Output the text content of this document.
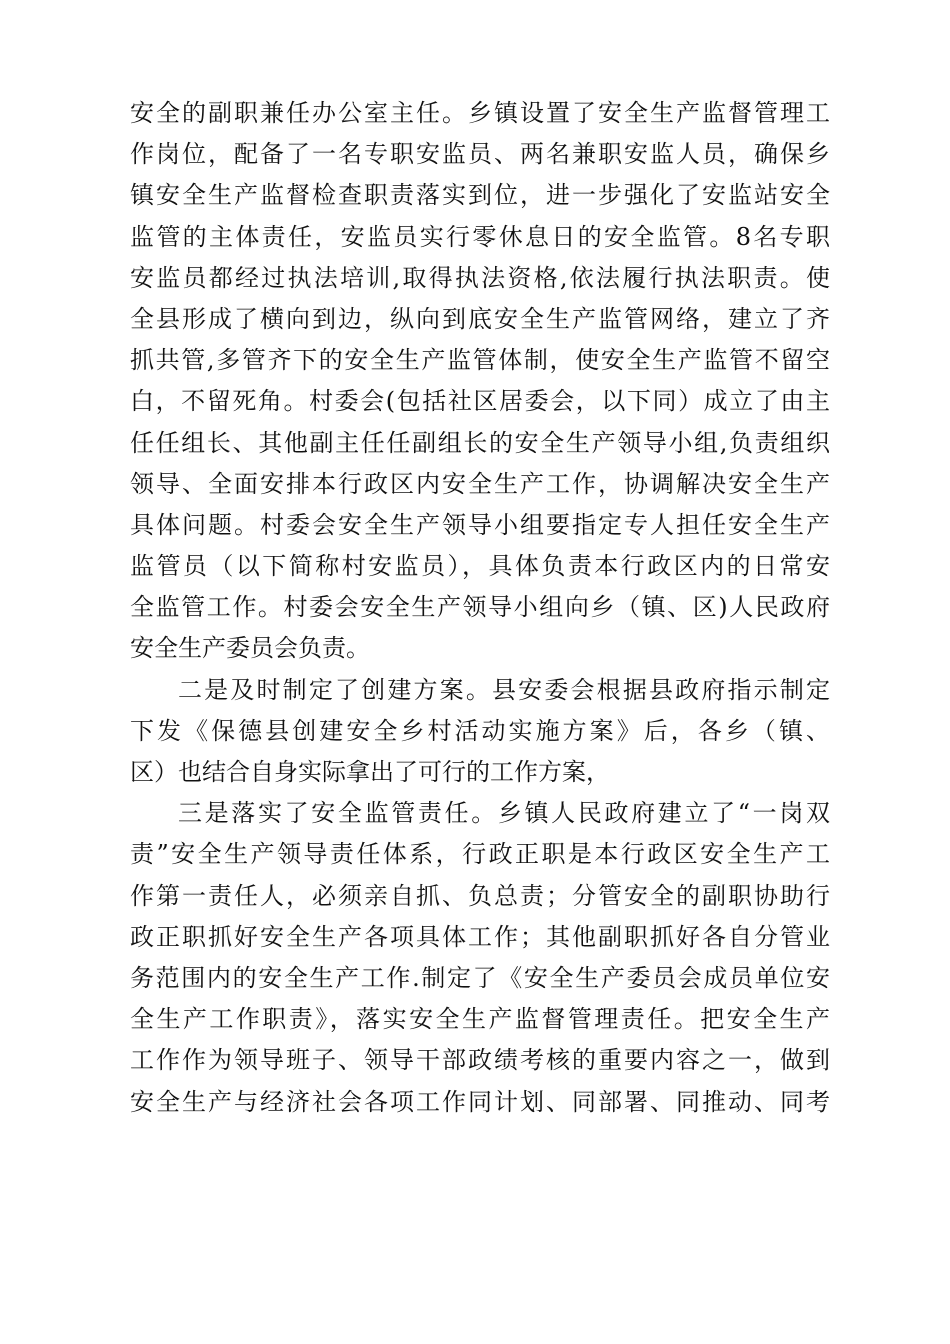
安全的副职兼任办公室主任。乡镇设置了安全生产监督管理工
作岗位，配备了一名专职安监员、两名兼职安监人员，确保乡
镇安全生产监督检查职责落实到位，进一步强化了安监站安全
监管的主体责任，安监员实行零休息日的安全监管。8名专职
安监员都经过执法培训,取得执法资格,依法履行执法职责。使
全县形成了横向到边，纵向到底安全生产监管网络，建立了齐
抓共管,多管齐下的安全生产监管体制，使安全生产监管不留空
白，不留死角。村委会(包括社区居委会，以下同）成立了由主
任任组长、其他副主任任副组长的安全生产领导小组,负责组织
领导、全面安排本行政区内安全生产工作，协调解决安全生产
具体问题。村委会安全生产领导小组要指定专人担任安全生产
监管员（以下简称村安监员），具体负责本行政区内的日常安
全监管工作。村委会安全生产领导小组向乡（镇、区)人民政府
安全生产委员会负责。
二是及时制定了创建方案。县安委会根据县政府指示制定
下发《保德县创建安全乡村活动实施方案》后，各乡（镇、
区）也结合自身实际拿出了可行的工作方案，
三是落实了安全监管责任。乡镇人民政府建立了“一岗双
责”安全生产领导责任体系，行政正职是本行政区安全生产工
作第一责任人，必须亲自抓、负总责；分管安全的副职协助行
政正职抓好安全生产各项具体工作；其他副职抓好各自分管业
务范围内的安全生产工作.制定了《安全生产委员会成员单位安
全生产工作职责》，落实安全生产监督管理责任。把安全生产
工作作为领导班子、领导干部政绩考核的重要内容之一，做到
安全生产与经济社会各项工作同计划、同部署、同推动、同考
